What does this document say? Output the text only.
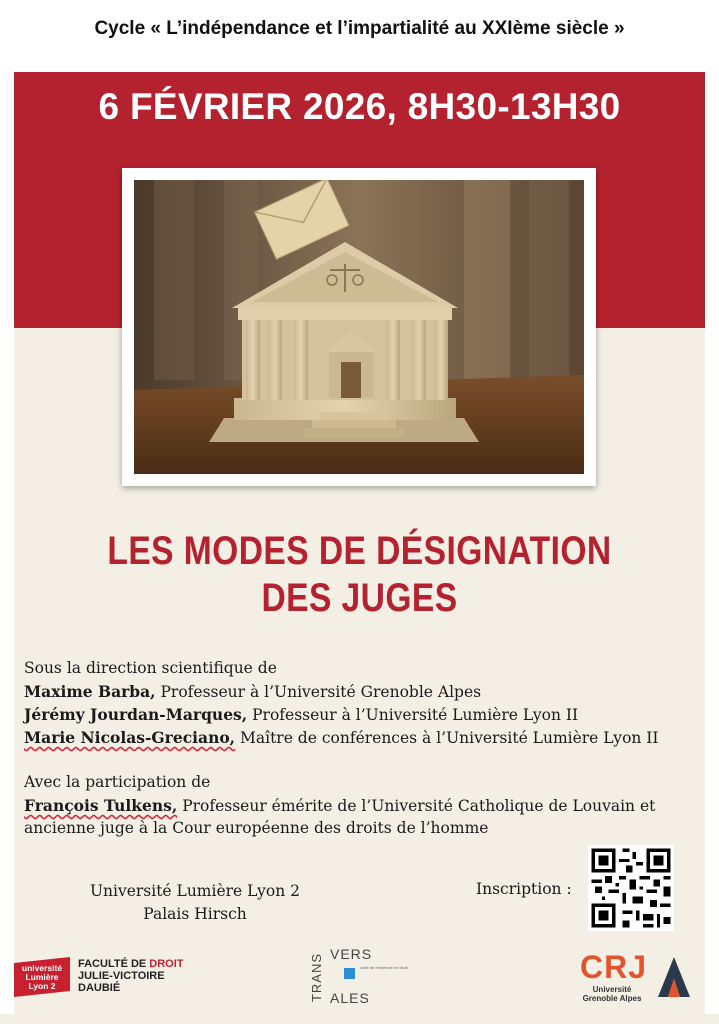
Cycle « L’indépendance et l’impartialité au XXIème siècle »
6 FÉVRIER 2026, 8H30-13H30
LES MODES DE DÉSIGNATION
DES JUGES
Sous la direction scientifique de
Maxime Barba, Professeur à l’Université Grenoble Alpes
Jérémy Jourdan-Marques, Professeur à l’Université Lumière Lyon II
Marie Nicolas-Greciano, Maître de conférences à l’Université Lumière Lyon II
Avec la participation de
François Tulkens, Professeur émérite de l’Université Catholique de Louvain et
ancienne juge à la Cour européenne des droits de l’homme
Université Lumière Lyon 2
Palais Hirsch
Inscription :
université
Lumière
Lyon 2
FACULTÉ DE DROIT
JULIE-VICTOIRE
DAUBIÉ	TRANS VERS
unité de recherche en droit
ALES
CRJ
Université
Grenoble Alpes
